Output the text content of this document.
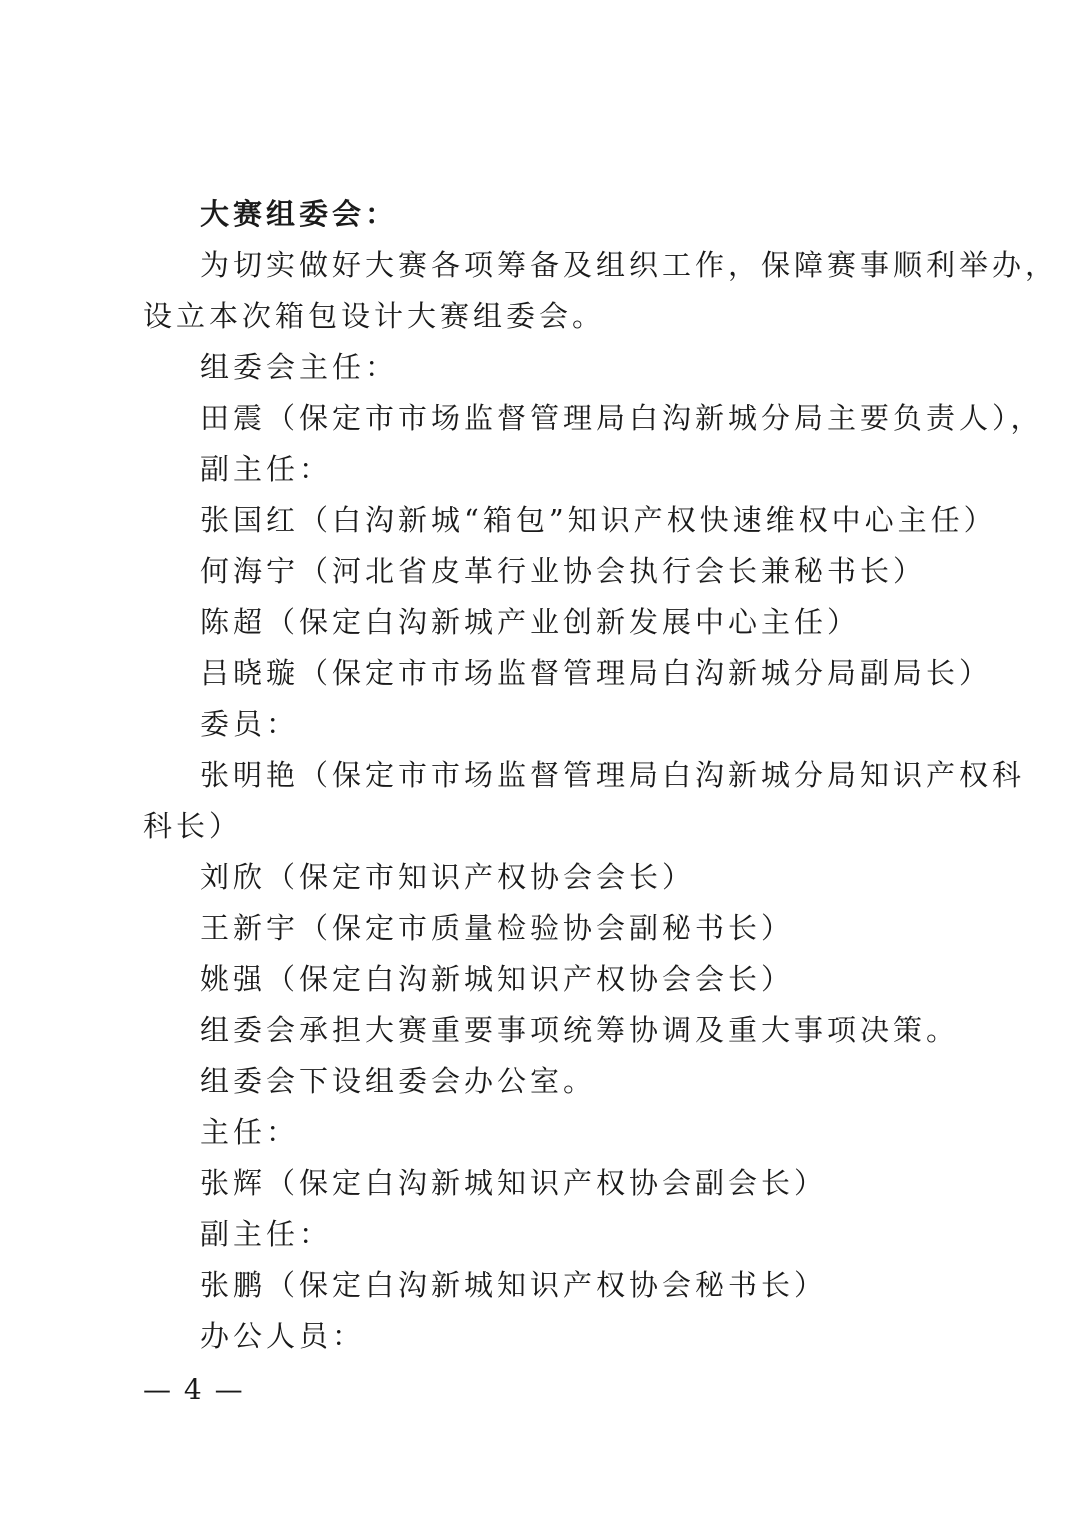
大赛组委会：
为切实做好大赛各项筹备及组织工作，保障赛事顺利举办，
设立本次箱包设计大赛组委会。
组委会主任：
田震（保定市市场监督管理局白沟新城分局主要负责人），
副主任：
张国红（白沟新城“箱包”知识产权快速维权中心主任）
何海宁（河北省皮革行业协会执行会长兼秘书长）
陈超（保定白沟新城产业创新发展中心主任）
吕晓璇（保定市市场监督管理局白沟新城分局副局长）
委员：
张明艳（保定市市场监督管理局白沟新城分局知识产权科
科长）
刘欣（保定市知识产权协会会长）
王新宇（保定市质量检验协会副秘书长）
姚强（保定白沟新城知识产权协会会长）
组委会承担大赛重要事项统筹协调及重大事项决策。
组委会下设组委会办公室。
主任：
张辉（保定白沟新城知识产权协会副会长）
副主任：
张鹏（保定白沟新城知识产权协会秘书长）
办公人员：
— 4 —
